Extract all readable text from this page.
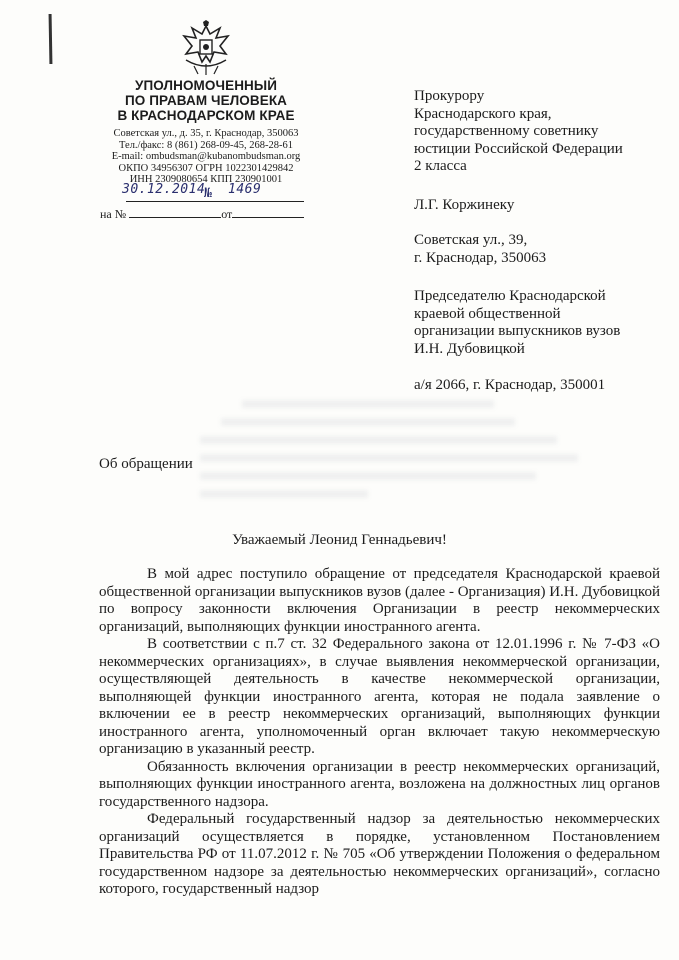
УПОЛНОМОЧЕННЫЙ
ПО ПРАВАМ ЧЕЛОВЕКА
В КРАСНОДАРСКОМ КРАЕ
Советская ул., д. 35, г. Краснодар, 350063
Тел./факс: 8 (861) 268-09-45, 268-28-61
E-mail: ombudsman@kubanombudsman.org
ОКПО 34956307 ОГРН 1022301429842
ИНН 2309080654 КПП 230901001
30.12.2014
№ 1469
на №	от
Прокурору
Краснодарского края,
государственному советнику
юстиции Российской Федерации
2 класса
Л.Г. Коржинеку
Советская ул., 39,
г. Краснодар, 350063
Председателю Краснодарской
краевой общественной
организации выпускников вузов
И.Н. Дубовицкой
а/я 2066, г. Краснодар, 350001
Об обращении
Уважаемый Леонид Геннадьевич!

В мой адрес поступило обращение от председателя Краснодарской краевой общественной организации выпускников вузов (далее - Организация) И.Н. Дубовицкой по вопросу законности включения Организации в реестр некоммерческих организаций, выполняющих функции иностранного агента.

В соответствии с п.7 ст. 32 Федерального закона от 12.01.1996 г. № 7-ФЗ «О некоммерческих организациях», в случае выявления некоммерческой организации, осуществляющей деятельность в качестве некоммерческой организации, выполняющей функции иностранного агента, которая не подала заявление о включении ее в реестр некоммерческих организаций, выполняющих функции иностранного агента, уполномоченный орган включает такую некоммерческую организацию в указанный реестр.

Обязанность включения организации в реестр некоммерческих организаций, выполняющих функции иностранного агента, возложена на должностных лиц органов государственного надзора.

Федеральный государственный надзор за деятельностью некоммерческих организаций осуществляется в порядке, установленном Постановлением Правительства РФ от 11.07.2012 г. № 705 «Об утверждении Положения о федеральном государственном надзоре за деятельностью некоммерческих организаций», согласно которого, государственный надзор
